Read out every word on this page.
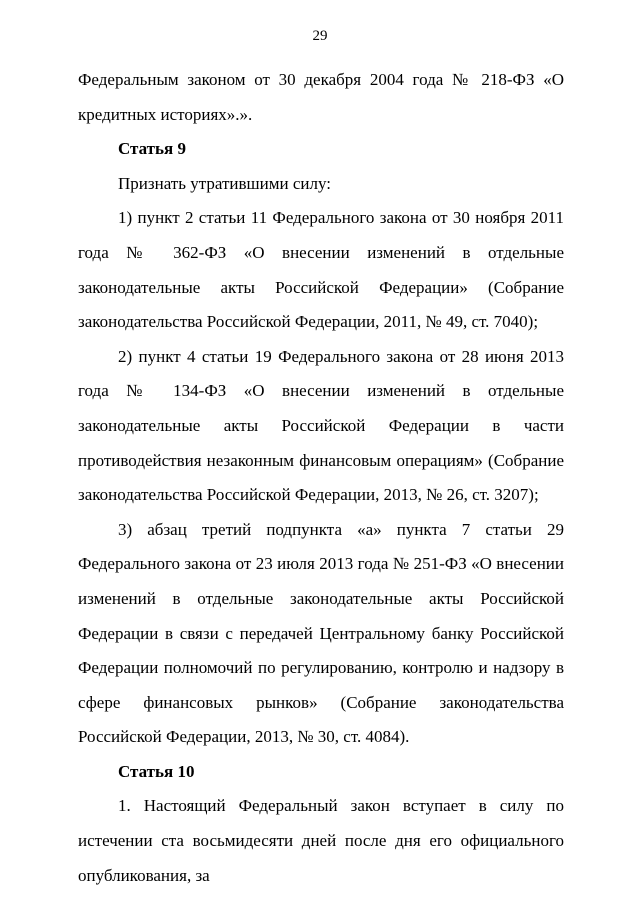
29

Федеральным законом от 30 декабря 2004 года № 218-ФЗ «О кредитных историях».».

Статья 9

Признать утратившими силу:

1) пункт 2 статьи 11 Федерального закона от 30 ноября 2011 года № 362-ФЗ «О внесении изменений в отдельные законодательные акты Российской Федерации» (Собрание законодательства Российской Федерации, 2011, № 49, ст. 7040);

2) пункт 4 статьи 19 Федерального закона от 28 июня 2013 года № 134-ФЗ «О внесении изменений в отдельные законодательные акты Российской Федерации в части противодействия незаконным финансовым операциям» (Собрание законодательства Российской Федерации, 2013, № 26, ст. 3207);

3) абзац третий подпункта «а» пункта 7 статьи 29 Федерального закона от 23 июля 2013 года № 251-ФЗ «О внесении изменений в отдельные законодательные акты Российской Федерации в связи с передачей Центральному банку Российской Федерации полномочий по регулированию, контролю и надзору в сфере финансовых рынков» (Собрание законодательства Российской Федерации, 2013, № 30, ст. 4084).

Статья 10

1. Настоящий Федеральный закон вступает в силу по истечении ста восьмидесяти дней после дня его официального опубликования, за
